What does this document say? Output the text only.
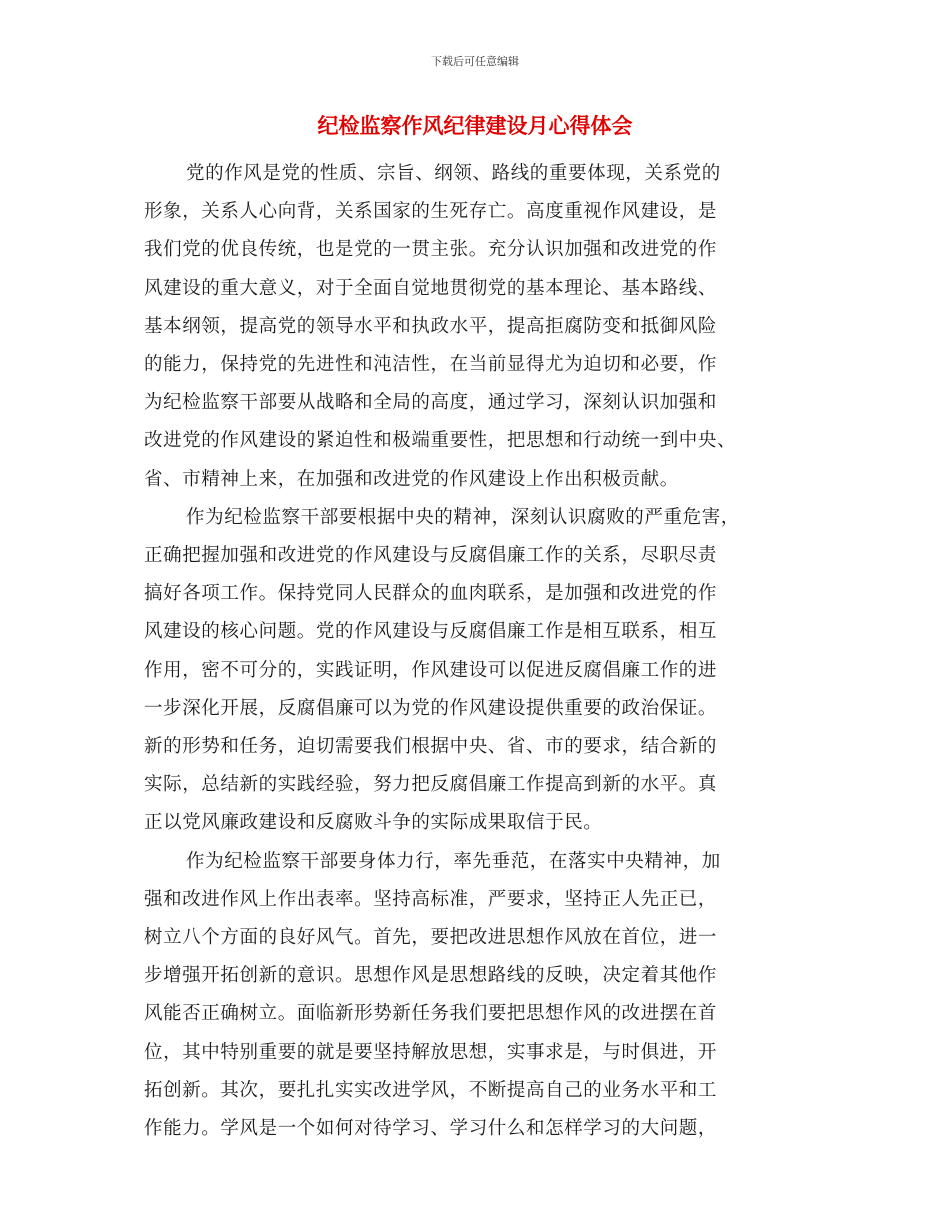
下载后可任意编辑
纪检监察作风纪律建设月心得体会

党的作风是党的性质、宗旨、纲领、路线的重要体现，关系党的
形象，关系人心向背，关系国家的生死存亡。高度重视作风建设，是
我们党的优良传统，也是党的一贯主张。充分认识加强和改进党的作
风建设的重大意义，对于全面自觉地贯彻党的基本理论、基本路线、
基本纲领，提高党的领导水平和执政水平，提高拒腐防变和抵御风险
的能力，保持党的先进性和沌洁性，在当前显得尤为迫切和必要，作
为纪检监察干部要从战略和全局的高度，通过学习，深刻认识加强和
改进党的作风建设的紧迫性和极端重要性，把思想和行动统一到中央、
省、市精神上来，在加强和改进党的作风建设上作出积极贡献。

作为纪检监察干部要根据中央的精神，深刻认识腐败的严重危害，
正确把握加强和改进党的作风建设与反腐倡廉工作的关系，尽职尽责
搞好各项工作。保持党同人民群众的血肉联系，是加强和改进党的作
风建设的核心问题。党的作风建设与反腐倡廉工作是相互联系，相互
作用，密不可分的，实践证明，作风建设可以促进反腐倡廉工作的进
一步深化开展，反腐倡廉可以为党的作风建设提供重要的政治保证。
新的形势和任务，迫切需要我们根据中央、省、市的要求，结合新的
实际，总结新的实践经验，努力把反腐倡廉工作提高到新的水平。真
正以党风廉政建设和反腐败斗争的实际成果取信于民。

作为纪检监察干部要身体力行，率先垂范，在落实中央精神，加
强和改进作风上作出表率。坚持高标准，严要求，坚持正人先正已，
树立八个方面的良好风气。首先，要把改进思想作风放在首位，进一
步增强开拓创新的意识。思想作风是思想路线的反映，决定着其他作
风能否正确树立。面临新形势新任务我们要把思想作风的改进摆在首
位，其中特别重要的就是要坚持解放思想，实事求是，与时俱进，开
拓创新。其次，要扎扎实实改进学风，不断提高自己的业务水平和工
作能力。学风是一个如何对待学习、学习什么和怎样学习的大问题，
